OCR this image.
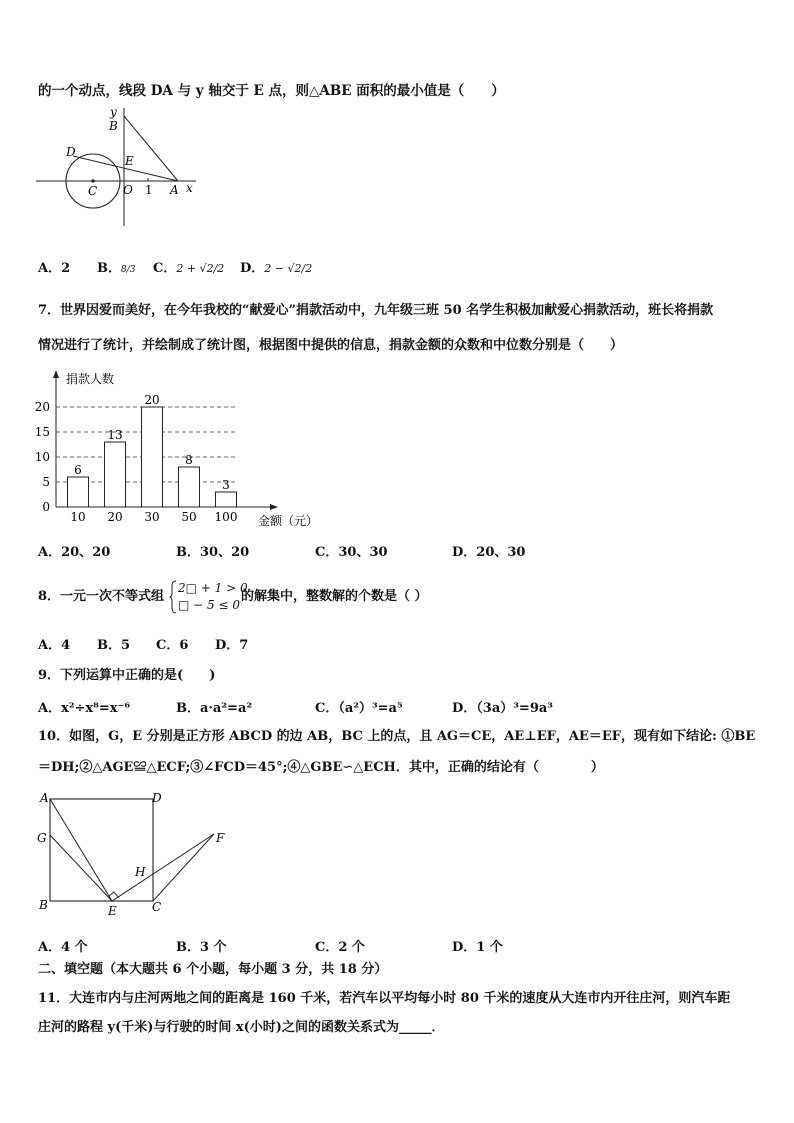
的一个动点，线段 DA 与 y 轴交于 E 点，则△ABE 面积的最小值是（　　）
y
B
D
E
C O 1 A x
A．2 B．8/3 C．2 + √2/2 D．2 − √2/2
7．世界因爱而美好，在今年我校的“献爱心”捐款活动中，九年级三班 50 名学生积极加献爱心捐款活动，班长将捐款
情况进行了统计，并绘制成了统计图，根据图中提供的信息，捐款金额的众数和中位数分别是（　　）
0
5
10
15
20
6
10
13
20
20
30
8
50
3
100
捐款人数
金额（元）
A．20、20	B．30、20	C．30、30	D．20、30
8．一元一次不等式组
2□ + 1 > 0
□ − 5 ≤ 0
的解集中，整数解的个数是（ ）
A．4 B．5 C．6 D．7
9．下列运算中正确的是(　　)
A．x²÷x⁸=x⁻⁶	B．a·a²=a²	C．（a²）³=a⁵	D．（3a）³=9a³
10．如图，G，E 分别是正方形 ABCD 的边 AB，BC 上的点，且 AG＝CE，AE⊥EF，AE＝EF，现有如下结论: ①BE
＝DH;②△AGE≌△ECF;③∠FCD＝45°;④△GBE∽△ECH．其中，正确的结论有（　　　　）
A	D
G	F
H
B	E	C
A．4 个	B．3 个	C．2 个	D．1 个
二、填空题（本大题共 6 个小题，每小题 3 分，共 18 分）
11．大连市内与庄河两地之间的距离是 160 千米，若汽车以平均每小时 80 千米的速度从大连市内开往庄河，则汽车距
庄河的路程 y(千米)与行驶的时间 x(小时)之间的函数关系式为_____．
